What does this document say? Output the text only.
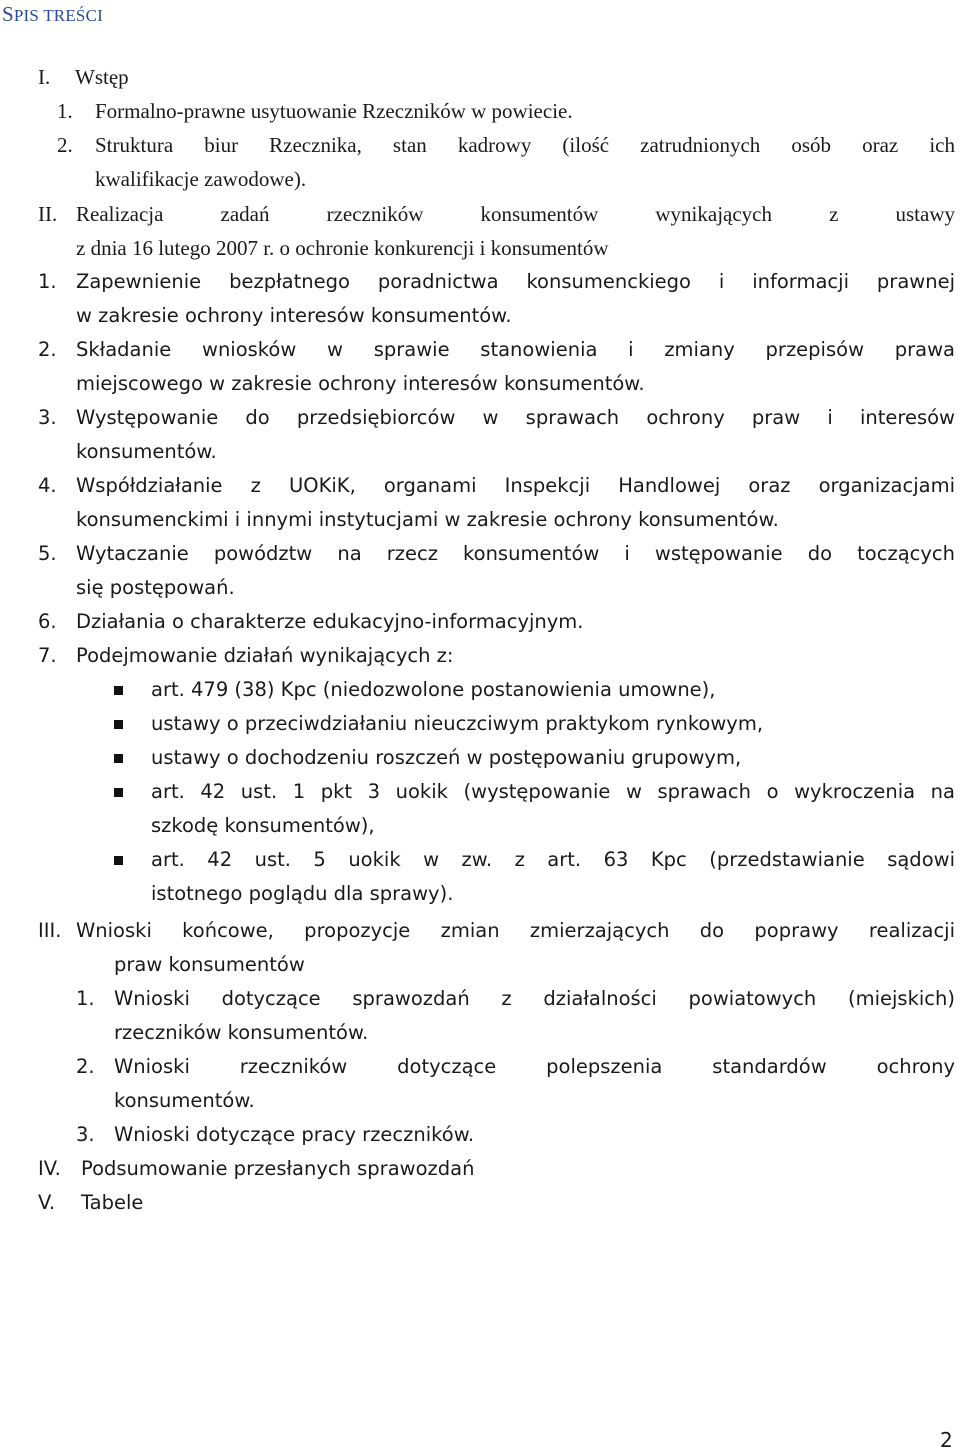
SPIS TREŚCI
I. Wstęp
1. Formalno-prawne usytuowanie Rzeczników w powiecie.
2. Struktura biur Rzecznika, stan kadrowy (ilość zatrudnionych osób oraz ich
kwalifikacje zawodowe).
II. Realizacja zadań rzeczników konsumentów wynikających z ustawy
z dnia 16 lutego 2007 r. o ochronie konkurencji i konsumentów
1. Zapewnienie bezpłatnego poradnictwa konsumenckiego i informacji prawnej
w zakresie ochrony interesów konsumentów.
2. Składanie wniosków w sprawie stanowienia i zmiany przepisów prawa
miejscowego w zakresie ochrony interesów konsumentów.
3. Występowanie do przedsiębiorców w sprawach ochrony praw i interesów
konsumentów.
4. Współdziałanie z UOKiK, organami Inspekcji Handlowej oraz organizacjami
konsumenckimi i innymi instytucjami w zakresie ochrony konsumentów.
5. Wytaczanie powództw na rzecz konsumentów i wstępowanie do toczących
się postępowań.
6. Działania o charakterze edukacyjno-informacyjnym.
7. Podejmowanie działań wynikających z:
art. 479 (38) Kpc (niedozwolone postanowienia umowne),
ustawy o przeciwdziałaniu nieuczciwym praktykom rynkowym,
ustawy o dochodzeniu roszczeń w postępowaniu grupowym,
art. 42 ust. 1 pkt 3 uokik (występowanie w sprawach o wykroczenia na
szkodę konsumentów),
art. 42 ust. 5 uokik w zw. z art. 63 Kpc (przedstawianie sądowi
istotnego poglądu dla sprawy).
III. Wnioski końcowe, propozycje zmian zmierzających do poprawy realizacji
praw konsumentów
1. Wnioski dotyczące sprawozdań z działalności powiatowych (miejskich)
rzeczników konsumentów.
2. Wnioski rzeczników dotyczące polepszenia standardów ochrony
konsumentów.
3. Wnioski dotyczące pracy rzeczników.
IV. Podsumowanie przesłanych sprawozdań
V. Tabele
2
